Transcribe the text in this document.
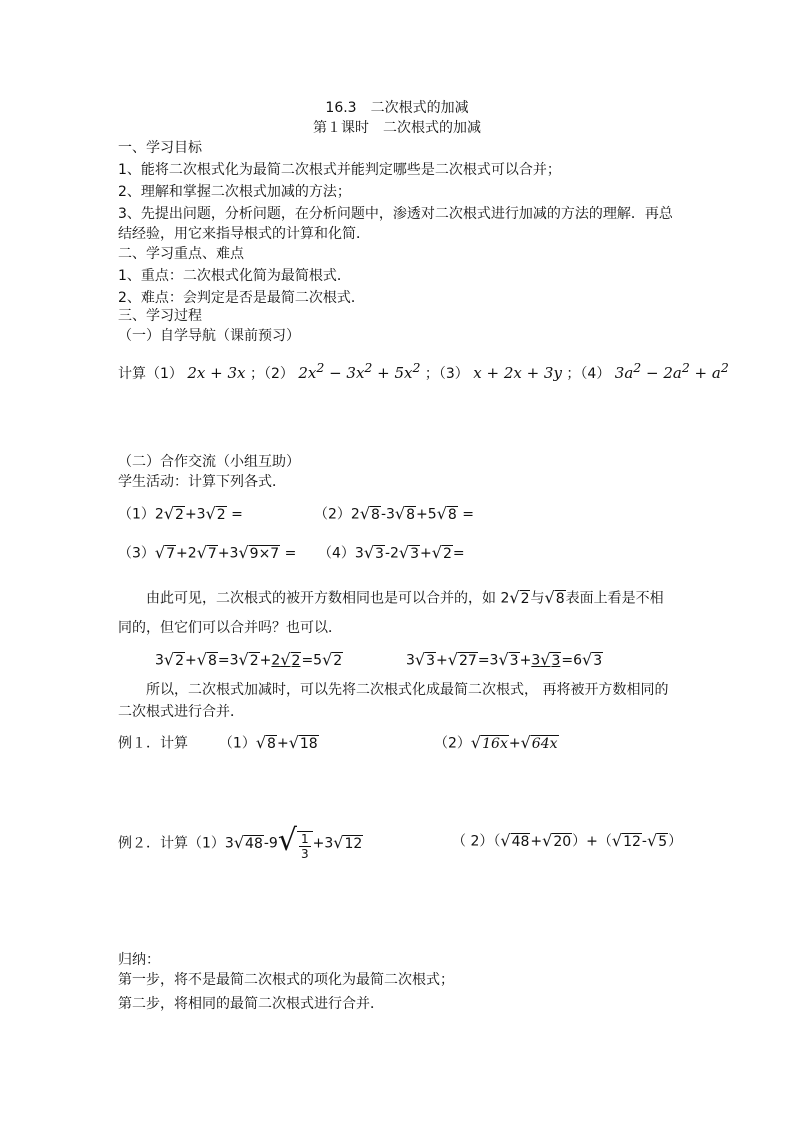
16.3　二次根式的加减
第１课时　二次根式的加减
一、学习目标
1、能将二次根式化为最简二次根式并能判定哪些是二次根式可以合并；
2、理解和掌握二次根式加减的方法；
3、先提出问题，分析问题，在分析问题中，渗透对二次根式进行加减的方法的理解．再总
结经验，用它来指导根式的计算和化简．
二、学习重点、难点
1、重点：二次根式化简为最简根式．
2、难点：会判定是否是最简二次根式．
三、学习过程
（一）自学导航（课前预习）
计算（1） 2x + 3x ；（2） $2x^2 - 3x^2 + 5x^2$ ；（3） x + 2x + 3y ；（4） $3a^2 - 2a^2 + a^2$
（二）合作交流（小组互助）
学生活动：计算下列各式．
（1）2√2+3√2 =	（2）2√8-3√8+5√8 =
（3）√7+2√7+3√9×7 = （4）3√3-2√3+√2=
由此可见，二次根式的被开方数相同也是可以合并的，如 2√2与√8表面上看是不相
同的，但它们可以合并吗？也可以．
3√2+√8=3√2+2√2=5√2	3√3+√27=3√3+3√3=6√3
所以，二次根式加减时，可以先将二次根式化成最简二次根式， 再将被开方数相同的
二次根式进行合并．
例１．计算 （1）√8+√18	（2）√16x+√64x
例２．计算$(1)3√48-9√ \frac{1}{3} +3√12$	（ 2）（√48+√20）+（√12-√5）
归纳：
第一步，将不是最简二次根式的项化为最简二次根式；
第二步，将相同的最简二次根式进行合并．
